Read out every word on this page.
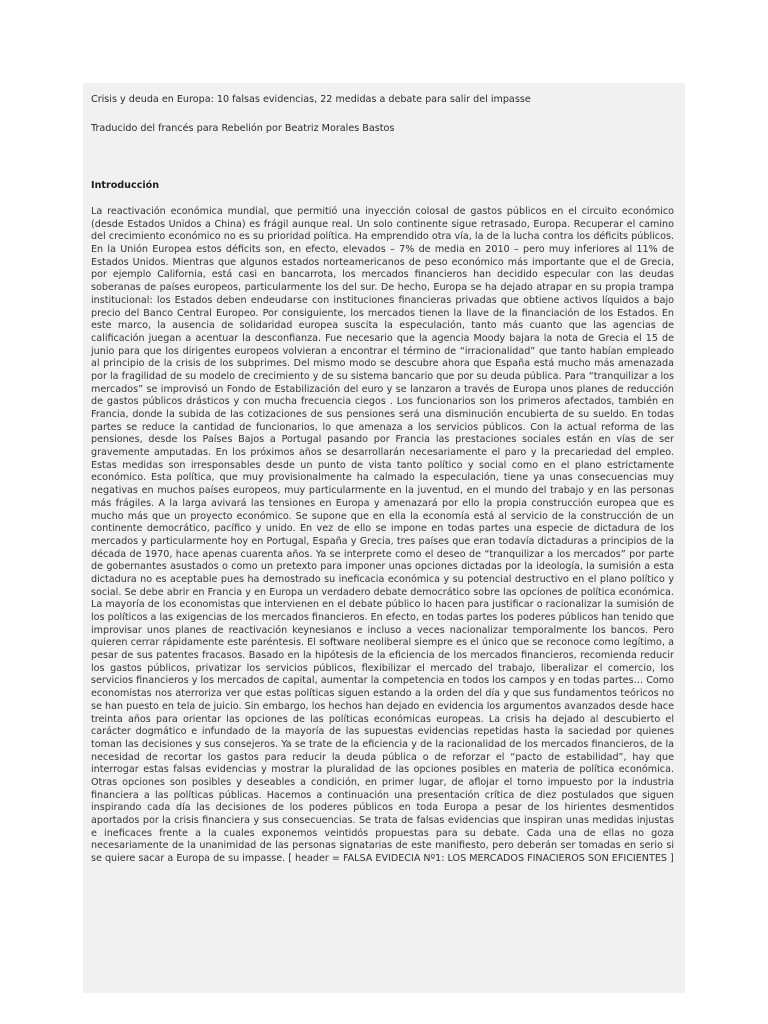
Crisis y deuda en Europa: 10 falsas evidencias, 22 medidas a debate para salir del impasse

Traducido del francés para Rebelión por Beatriz Morales Bastos

Introducción

La reactivación económica mundial, que permitió una inyección colosal de gastos públicos en el circuito económico (desde Estados Unidos a China) es frágil aunque real. Un solo continente sigue retrasado, Europa. Recuperar el camino del crecimiento económico no es su prioridad política. Ha emprendido otra vía, la de la lucha contra los déficits públicos. En la Unión Europea estos déficits son, en efecto, elevados – 7% de media en 2010 – pero muy inferiores al 11% de Estados Unidos. Mientras que algunos estados norteamericanos de peso económico más importante que el de Grecia, por ejemplo California, está casi en bancarrota, los mercados financieros han decidido especular con las deudas soberanas de países europeos, particularmente los del sur. De hecho, Europa se ha dejado atrapar en su propia trampa institucional: los Estados deben endeudarse con instituciones financieras privadas que obtiene activos líquidos a bajo precio del Banco Central Europeo. Por consiguiente, los mercados tienen la llave de la financiación de los Estados. En este marco, la ausencia de solidaridad europea suscita la especulación, tanto más cuanto que las agencias de calificación juegan a acentuar la desconfianza. Fue necesario que la agencia Moody bajara la nota de Grecia el 15 de junio para que los dirigentes europeos volvieran a encontrar el término de “irracionalidad” que tanto habían empleado al principio de la crisis de los subprimes. Del mismo modo se descubre ahora que España está mucho más amenazada por la fragilidad de su modelo de crecimiento y de su sistema bancario que por su deuda pública. Para “tranquilizar a los mercados” se improvisó un Fondo de Estabilización del euro y se lanzaron a través de Europa unos planes de reducción de gastos públicos drásticos y con mucha frecuencia ciegos . Los funcionarios son los primeros afectados, también en Francia, donde la subida de las cotizaciones de sus pensiones será una disminución encubierta de su sueldo. En todas partes se reduce la cantidad de funcionarios, lo que amenaza a los servicios públicos. Con la actual reforma de las pensiones, desde los Países Bajos a Portugal pasando por Francia las prestaciones sociales están en vías de ser gravemente amputadas. En los próximos años se desarrollarán necesariamente el paro y la precariedad del empleo. Estas medidas son irresponsables desde un punto de vista tanto político y social como en el plano estrictamente económico. Esta política, que muy provisionalmente ha calmado la especulación, tiene ya unas consecuencias muy negativas en muchos países europeos, muy particularmente en la juventud, en el mundo del trabajo y en las personas más frágiles. A la larga avivará las tensiones en Europa y amenazará por ello la propia construcción europea que es mucho más que un proyecto económico. Se supone que en ella la economía está al servicio de la construcción de un continente democrático, pacífico y unido. En vez de ello se impone en todas partes una especie de dictadura de los mercados y particularmente hoy en Portugal, España y Grecia, tres países que eran todavía dictaduras a principios de la década de 1970, hace apenas cuarenta años. Ya se interprete como el deseo de “tranquilizar a los mercados” por parte de gobernantes asustados o como un pretexto para imponer unas opciones dictadas por la ideología, la sumisión a esta dictadura no es aceptable pues ha demostrado su ineficacia económica y su potencial destructivo en el plano político y social. Se debe abrir en Francia y en Europa un verdadero debate democrático sobre las opciones de política económica. La mayoría de los economistas que intervienen en el debate público lo hacen para justificar o racionalizar la sumisión de los políticos a las exigencias de los mercados financieros. En efecto, en todas partes los poderes públicos han tenido que improvisar unos planes de reactivación keynesianos e incluso a veces nacionalizar temporalmente los bancos. Pero quieren cerrar rápidamente este paréntesis. El software neoliberal siempre es el único que se reconoce como legítimo, a pesar de sus patentes fracasos. Basado en la hipótesis de la eficiencia de los mercados financieros, recomienda reducir los gastos públicos, privatizar los servicios públicos, flexibilizar el mercado del trabajo, liberalizar el comercio, los servicios financieros y los mercados de capital, aumentar la competencia en todos los campos y en todas partes… Como economistas nos aterroriza ver que estas políticas siguen estando a la orden del día y que sus fundamentos teóricos no se han puesto en tela de juicio. Sin embargo, los hechos han dejado en evidencia los argumentos avanzados desde hace treinta años para orientar las opciones de las políticas económicas europeas. La crisis ha dejado al descubierto el carácter dogmático e infundado de la mayoría de las supuestas evidencias repetidas hasta la saciedad por quienes toman las decisiones y sus consejeros. Ya se trate de la eficiencia y de la racionalidad de los mercados financieros, de la necesidad de recortar los gastos para reducir la deuda pública o de reforzar el “pacto de estabilidad”, hay que interrogar estas falsas evidencias y mostrar la pluralidad de las opciones posibles en materia de política económica. Otras opciones son posibles y deseables a condición, en primer lugar, de aflojar el torno impuesto por la industria financiera a las políticas públicas. Hacemos a continuación una presentación crítica de diez postulados que siguen inspirando cada día las decisiones de los poderes públicos en toda Europa a pesar de los hirientes desmentidos aportados por la crisis financiera y sus consecuencias. Se trata de falsas evidencias que inspiran unas medidas injustas e ineficaces frente a la cuales exponemos veintidós propuestas para su debate. Cada una de ellas no goza necesariamente de la unanimidad de las personas signatarias de este manifiesto, pero deberán ser tomadas en serio si se quiere sacar a Europa de su impasse. [ header = FALSA EVIDECIA Nº1: LOS MERCADOS FINACIEROS SON EFICIENTES ]
